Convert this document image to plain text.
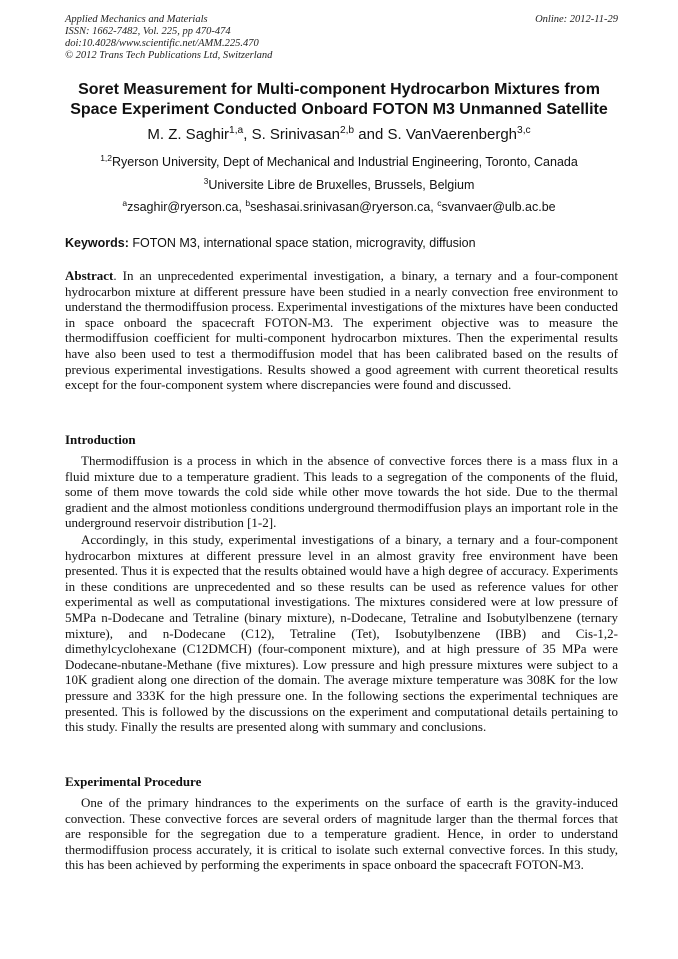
Applied Mechanics and Materials
ISSN: 1662-7482, Vol. 225, pp 470-474
doi:10.4028/www.scientific.net/AMM.225.470
© 2012 Trans Tech Publications Ltd, Switzerland
Online: 2012-11-29
Soret Measurement for Multi-component Hydrocarbon Mixtures from
Space Experiment Conducted Onboard FOTON M3 Unmanned Satellite
M. Z. Saghir$^{1,a}$, S. Srinivasan$^{2,b}$ and S. VanVaerenbergh$^{3,c}$
$^{1,2}$Ryerson University, Dept of Mechanical and Industrial Engineering, Toronto, Canada
$^3$Universite Libre de Bruxelles, Brussels, Belgium
$^a$zsaghir@ryerson.ca, $^b$seshasai.srinivasan@ryerson.ca, $^c$svanvaer@ulb.ac.be
Keywords: FOTON M3, international space station, microgravity, diffusion

Abstract. In an unprecedented experimental investigation, a binary, a ternary and a four-component hydrocarbon mixture at different pressure have been studied in a nearly convection free environment to understand the thermodiffusion process. Experimental investigations of the mixtures have been conducted in space onboard the spacecraft FOTON-M3. The experiment objective was to measure the thermodiffusion coefficient for multi-component hydrocarbon mixtures. Then the experimental results have also been used to test a thermodiffusion model that has been calibrated based on the results of previous experimental investigations. Results showed a good agreement with current theoretical results except for the four-component system where discrepancies were found and discussed.

Introduction

Thermodiffusion is a process in which in the absence of convective forces there is a mass flux in a fluid mixture due to a temperature gradient. This leads to a segregation of the components of the fluid, some of them move towards the cold side while other move towards the hot side. Due to the thermal gradient and the almost motionless conditions underground thermodiffusion plays an important role in the underground reservoir distribution [1-2].

Accordingly, in this study, experimental investigations of a binary, a ternary and a four-component hydrocarbon mixtures at different pressure level in an almost gravity free environment have been presented. Thus it is expected that the results obtained would have a high degree of accuracy. Experiments in these conditions are unprecedented and so these results can be used as reference values for other experimental as well as computational investigations. The mixtures considered were at low pressure of 5MPa n-Dodecane and Tetraline (binary mixture), n-Dodecane, Tetraline and Isobutylbenzene (ternary mixture), and n-Dodecane (C12), Tetraline (Tet), Isobutylbenzene (IBB) and Cis-1,2-dimethylcyclohexane (C12DMCH) (four-component mixture), and at high pressure of 35 MPa were Dodecane-nbutane-Methane (five mixtures). Low pressure and high pressure mixtures were subject to a 10K gradient along one direction of the domain. The average mixture temperature was 308K for the low pressure and 333K for the high pressure one. In the following sections the experimental techniques are presented. This is followed by the discussions on the experiment and computational details pertaining to this study. Finally the results are presented along with summary and conclusions.

Experimental Procedure

One of the primary hindrances to the experiments on the surface of earth is the gravity-induced convection. These convective forces are several orders of magnitude larger than the thermal forces that are responsible for the segregation due to a temperature gradient. Hence, in order to understand thermodiffusion process accurately, it is critical to isolate such external convective forces. In this study, this has been achieved by performing the experiments in space onboard the spacecraft FOTON-M3.
